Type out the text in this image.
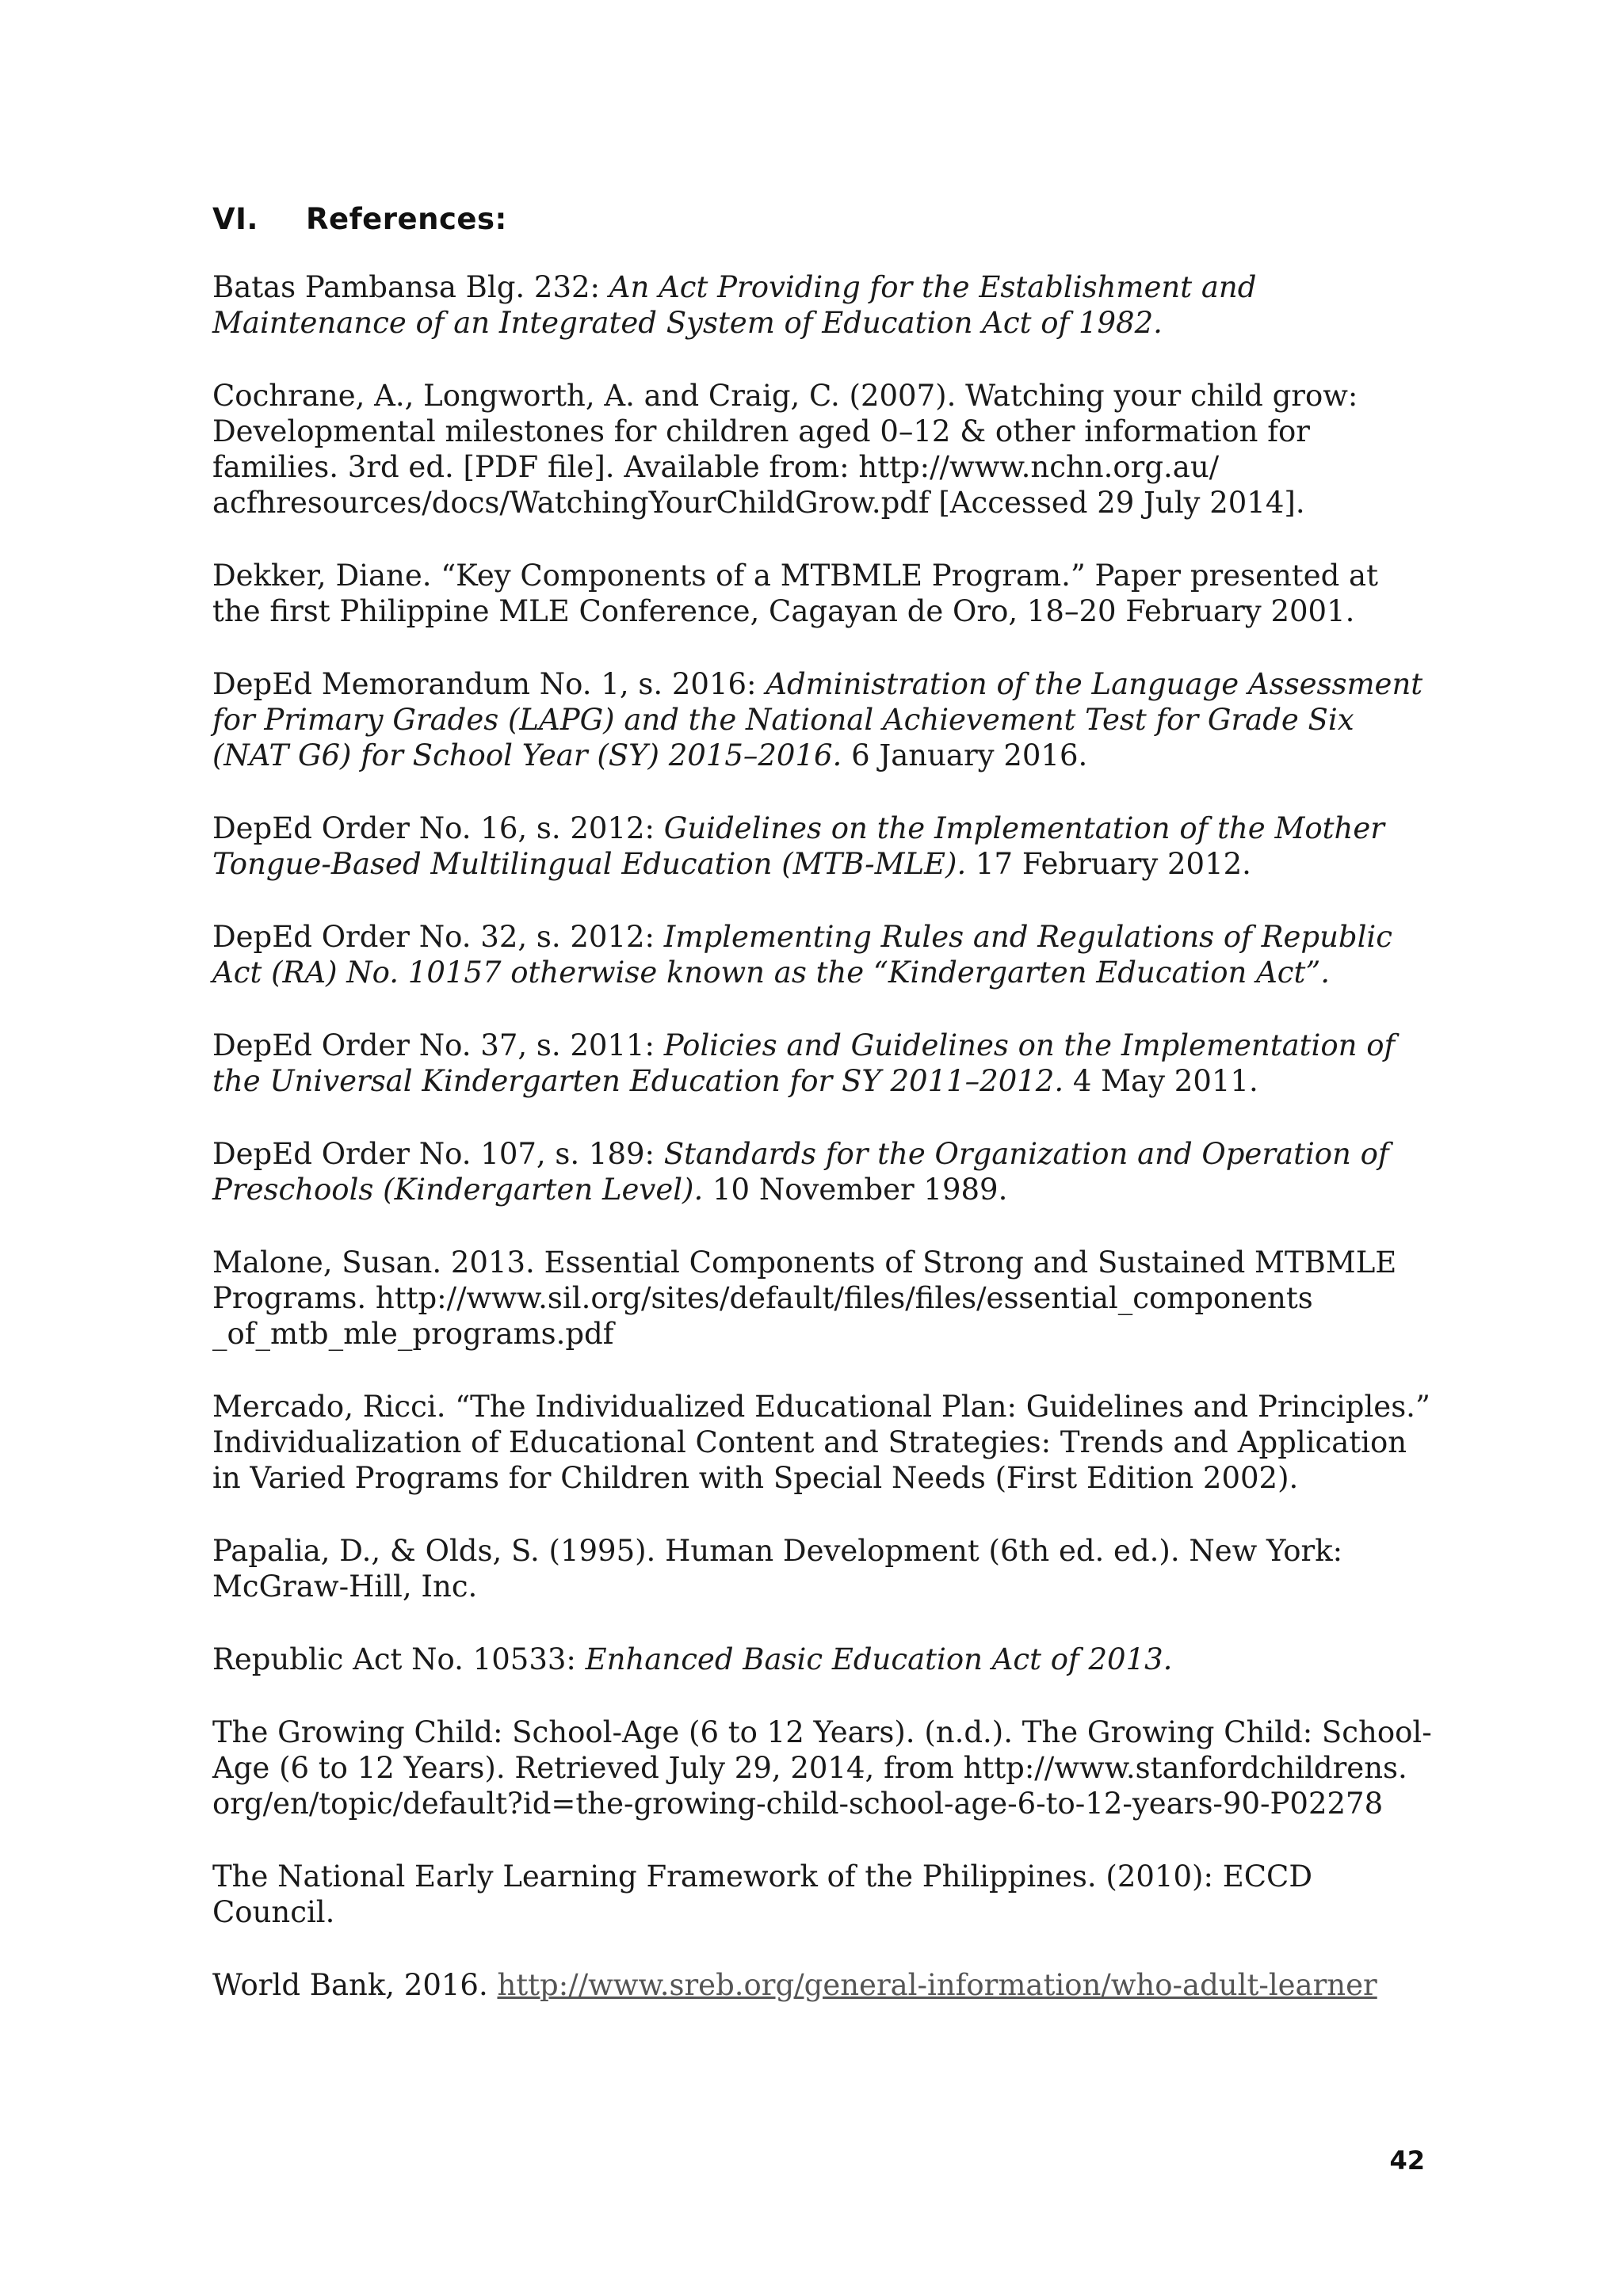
VI. References:
Batas Pambansa Blg. 232: An Act Providing for the Establishment and Maintenance of an Integrated System of Education Act of 1982.
Cochrane, A., Longworth, A. and Craig, C. (2007). Watching your child grow: Developmental milestones for children aged 0–12 & other information for families. 3rd ed. [PDF file]. Available from: http://www.nchn.org.au/ acfhresources/docs/WatchingYourChildGrow.pdf [Accessed 29 July 2014].
Dekker, Diane. “Key Components of a MTBMLE Program.” Paper presented at the first Philippine MLE Conference, Cagayan de Oro, 18–20 February 2001.
DepEd Memorandum No. 1, s. 2016: Administration of the Language Assessment for Primary Grades (LAPG) and the National Achievement Test for Grade Six (NAT G6) for School Year (SY) 2015–2016. 6 January 2016.
DepEd Order No. 16, s. 2012: Guidelines on the Implementation of the Mother Tongue-Based Multilingual Education (MTB-MLE). 17 February 2012.
DepEd Order No. 32, s. 2012: Implementing Rules and Regulations of Republic Act (RA) No. 10157 otherwise known as the “Kindergarten Education Act”.
DepEd Order No. 37, s. 2011: Policies and Guidelines on the Implementation of the Universal Kindergarten Education for SY 2011–2012. 4 May 2011.
DepEd Order No. 107, s. 189: Standards for the Organization and Operation of Preschools (Kindergarten Level). 10 November 1989.
Malone, Susan. 2013. Essential Components of Strong and Sustained MTBMLE Programs. http://www.sil.org/sites/default/files/files/essential_components _of_mtb_mle_programs.pdf
Mercado, Ricci. “The Individualized Educational Plan: Guidelines and Principles.” Individualization of Educational Content and Strategies: Trends and Application in Varied Programs for Children with Special Needs (First Edition 2002).
Papalia, D., & Olds, S. (1995). Human Development (6th ed. ed.). New York: McGraw-Hill, Inc.
Republic Act No. 10533: Enhanced Basic Education Act of 2013.
The Growing Child: School-Age (6 to 12 Years). (n.d.). The Growing Child: School-Age (6 to 12 Years). Retrieved July 29, 2014, from http://www.stanfordchildrens. org/en/topic/default?id=the-growing-child-school-age-6-to-12-years-90-P02278
The National Early Learning Framework of the Philippines. (2010): ECCD Council.
World Bank, 2016. http://www.sreb.org/general-information/who-adult-learner
42
